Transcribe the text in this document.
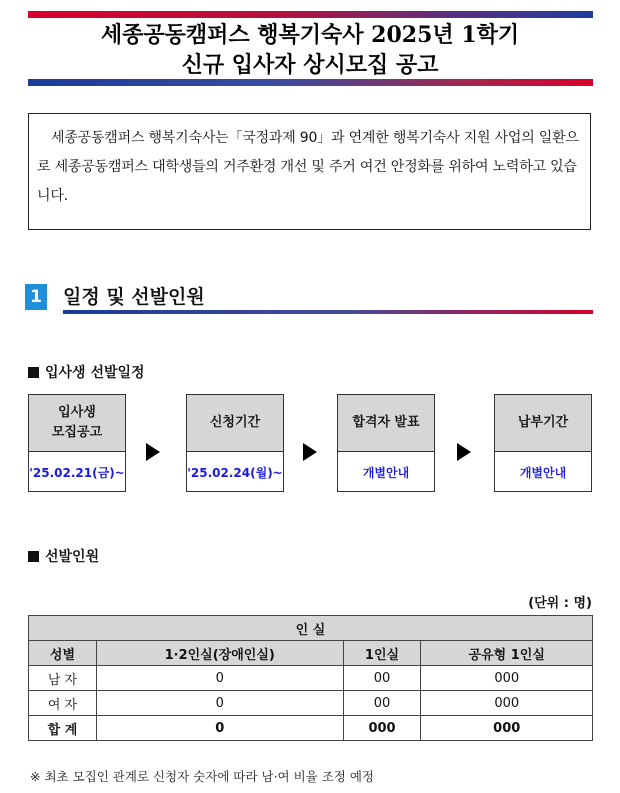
세종공동캠퍼스 행복기숙사 2025년 1학기
신규 입사자 상시모집 공고

세종공동캠퍼스 행복기숙사는「국정과제 90」과 연계한 행복기숙사 지원 사업의 일환으로 세종공동캠퍼스 대학생들의 거주환경 개선 및 주거 여건 안정화를 위하여 노력하고 있습니다.

1 일정 및 선발인원
입사생 선발일정
입사생
모집공고
'25.02.21(금)~
신청기간
'25.02.24(월)~
합격자 발표
개별안내
납부기간
개별안내
선발인원
(단위 : 명)
인 실			
성별	1·2인실(장애인실)	1인실	공유형 1인실
남 자	0	00	000
여 자	0	00	000
합 계	0	000	000
※ 최초 모집인 관계로 신청자 숫자에 따라 남·여 비율 조정 예정
